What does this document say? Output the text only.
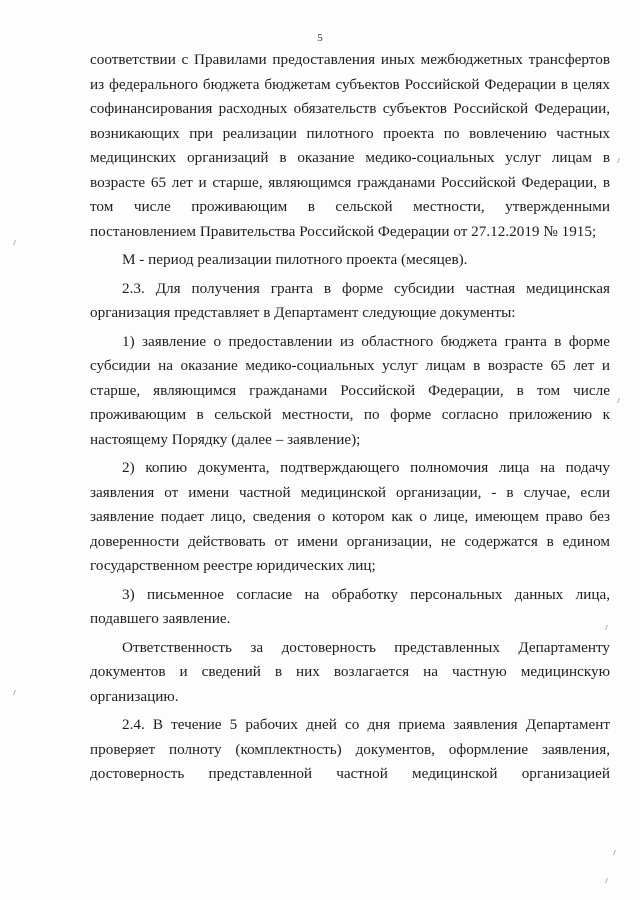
5

соответствии с Правилами предоставления иных межбюджетных трансфертов из федерального бюджета бюджетам субъектов Российской Федерации в целях софинансирования расходных обязательств субъектов Российской Федерации, возникающих при реализации пилотного проекта по вовлечению частных медицинских организаций в оказание медико-социальных услуг лицам в возрасте 65 лет и старше, являющимся гражданами Российской Федерации, в том числе проживающим в сельской местности, утвержденными постановлением Правительства Российской Федерации от 27.12.2019 № 1915;

М - период реализации пилотного проекта (месяцев).

2.3. Для получения гранта в форме субсидии частная медицинская организация представляет в Департамент следующие документы:

1) заявление о предоставлении из областного бюджета гранта в форме субсидии на оказание медико-социальных услуг лицам в возрасте 65 лет и старше, являющимся гражданами Российской Федерации, в том числе проживающим в сельской местности, по форме согласно приложению к настоящему Порядку (далее – заявление);

2) копию документа, подтверждающего полномочия лица на подачу заявления от имени частной медицинской организации, - в случае, если заявление подает лицо, сведения о котором как о лице, имеющем право без доверенности действовать от имени организации, не содержатся в едином государственном реестре юридических лиц;

3) письменное согласие на обработку персональных данных лица, подавшего заявление.

Ответственность за достоверность представленных Департаменту документов и сведений в них возлагается на частную медицинскую организацию.

2.4. В течение 5 рабочих дней со дня приема заявления Департамент проверяет полноту (комплектность) документов, оформление заявления, достоверность представленной частной медицинской организацией
